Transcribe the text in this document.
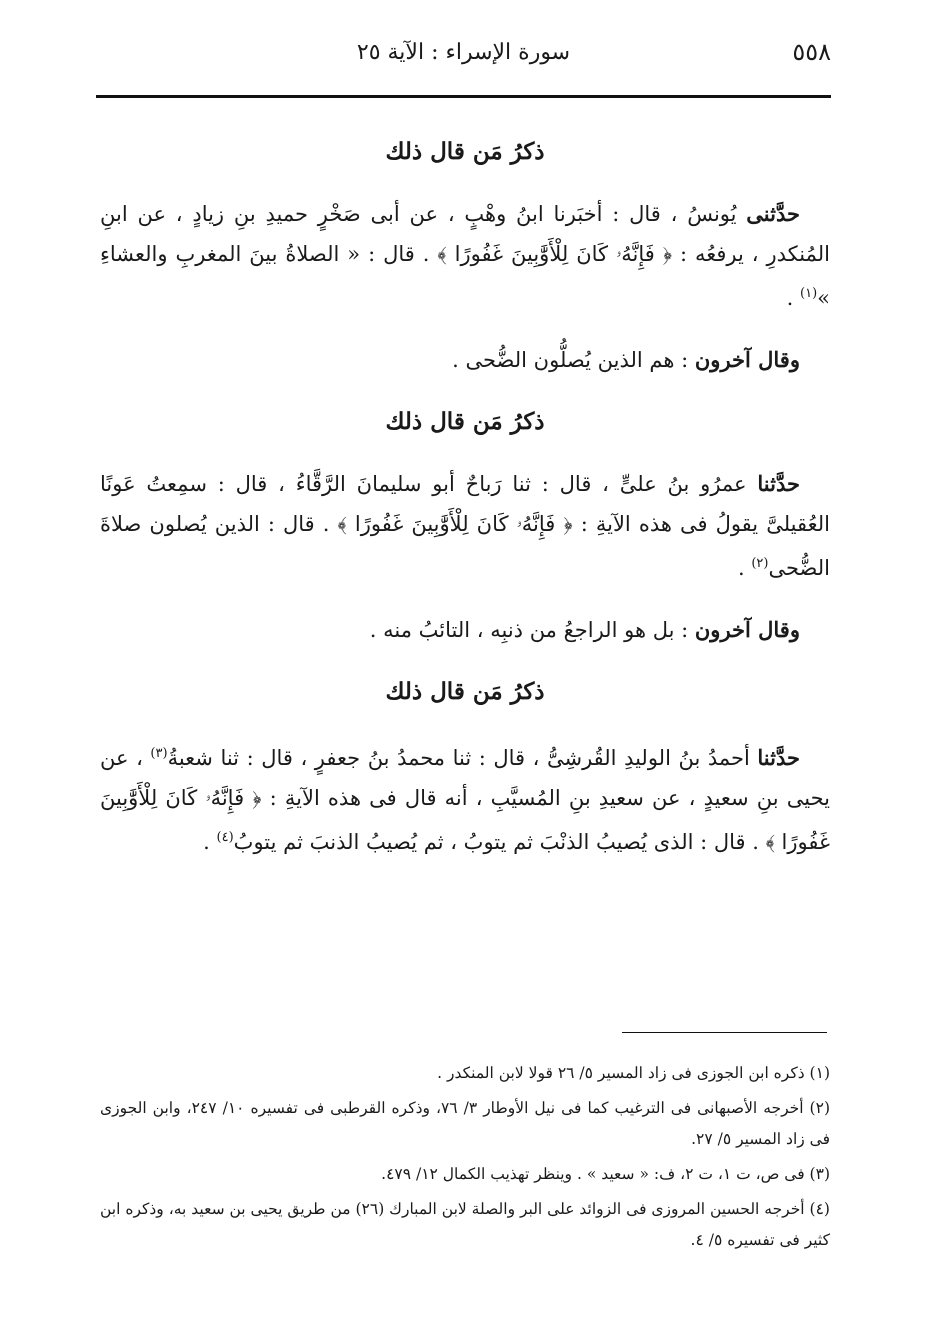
٥٥٨
سورة الإسراء : الآية ٢٥
ذكرُ مَن قال ذلك

حدَّثنى يُونسُ ، قال : أخبَرنا ابنُ وهْبٍ ، عن أبى صَخْرٍ حميدِ بنِ زيادٍ ، عن ابنِ المُنكدرِ ، يرفعُه : ﴿ فَإِنَّهُۥ كَانَ لِلْأَوَّٰبِينَ غَفُورًا ﴾ . قال : « الصلاةُ بينَ المغربِ والعشاءِ »$^{(١)}$ .

وقال آخرون : هم الذين يُصلُّون الضُّحى .

ذكرُ مَن قال ذلك

حدَّثنا عمرُو بنُ علىٍّ ، قال : ثنا رَباحٌ أبو سليمانَ الرَّقَّاءُ ، قال : سمِعتُ عَونًا العُقيلىَّ يقولُ فى هذه الآيةِ : ﴿ فَإِنَّهُۥ كَانَ لِلْأَوَّٰبِينَ غَفُورًا ﴾ . قال : الذين يُصلون صلاةَ الضُّحى$^{(٢)}$ .

وقال آخرون : بل هو الراجعُ من ذنبِه ، التائبُ منه .

ذكرُ مَن قال ذلك

حدَّثنا أحمدُ بنُ الوليدِ القُرشِىُّ ، قال : ثنا محمدُ بنُ جعفرٍ ، قال : ثنا شعبةُ$^{(٣)}$ ، عن يحيى بنِ سعيدٍ ، عن سعيدِ بنِ المُسيَّبِ ، أنه قال فى هذه الآيةِ : ﴿ فَإِنَّهُۥ كَانَ لِلْأَوَّٰبِينَ غَفُورًا ﴾ . قال : الذى يُصيبُ الذنْبَ ثم يتوبُ ، ثم يُصيبُ الذنبَ ثم يتوبُ$^{(٤)}$ .

(١) ذكره ابن الجوزى فى زاد المسير ٥/ ٢٦ قولا لابن المنكدر .

(٢) أخرجه الأصبهانى فى الترغيب كما فى نيل الأوطار ٣/ ٧٦، وذكره القرطبى فى تفسيره ١٠/ ٢٤٧، وابن الجوزى فى زاد المسير ٥/ ٢٧.

(٣) فى ص، ت ١، ت ٢، ف: « سعيد » . وينظر تهذيب الكمال ١٢/ ٤٧٩.

(٤) أخرجه الحسين المروزى فى الزوائد على البر والصلة لابن المبارك (٢٦) من طريق يحيى بن سعيد به، وذكره ابن كثير فى تفسيره ٥/ ٤.
